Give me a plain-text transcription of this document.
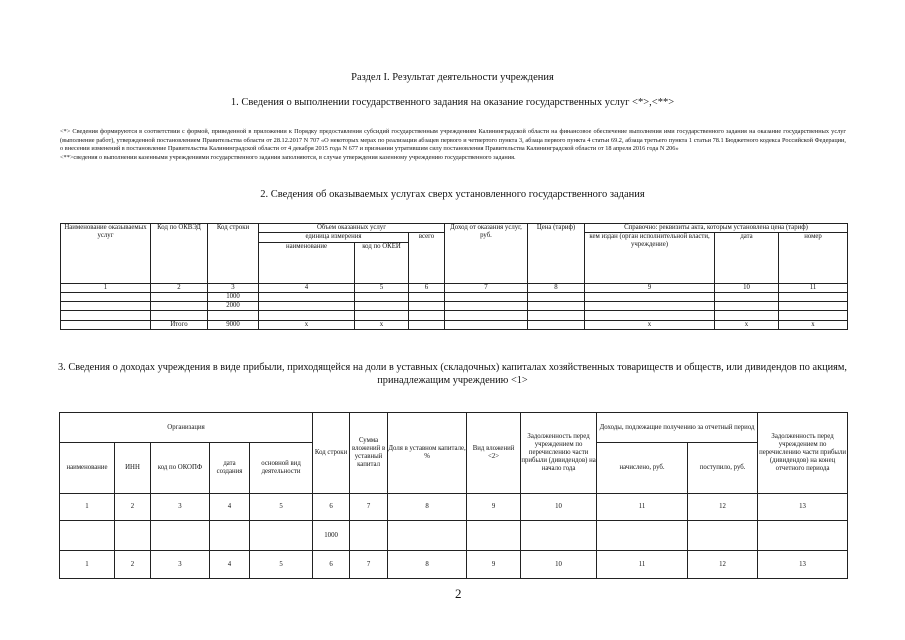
Раздел I. Результат деятельности учреждения
1. Сведения о выполнении государственного задания на оказание государственных услуг <*>,<**>

<*> Сведения формируются в соответствии с формой, приведенной в приложении к Порядку предоставления субсидий государственным учреждениям Калининградской области на финансовое обеспечение выполнения ими государственного задания на оказание государственных услуг (выполнение работ), утвержденной постановлением Правительства области от 28.12.2017 N 707 «О некоторых мерах по реализации абзацев первого и четвертого пункта 3, абзаца первого пункта 4 статьи 69.2, абзаца третьего пункта 1 статьи 78.1 Бюджетного кодекса Российской Федерации, о внесении изменений в постановление Правительства Калининградской области от 4 декабря 2015 года N 677 и признании утратившим силу постановления Правительства Калининградской области от 18 апреля 2016 года N 206»

<**>сведения о выполнении казенными учреждениями государственного задания заполняются, в случае утверждения казенному учреждению государственного задания.

2. Сведения об оказываемых услугах сверх установленного государственного задания
Наименование оказываемых услуг	Код по ОКВЭД	Код строки	Объем оказанных услуг			Доход от оказания услуг, руб.	Цена (тариф)	Справочно: реквизиты акта, которым установлена цена (тариф)		
			единица измерения		всего			кем издан (орган исполнительной власти, учреждение)	дата	номер
			наименование	код по ОКЕИ						
1	2	3	4	5	6	7	8	9	10	11
		1000								
		2000								

	Итого	9000	x	x				x	x	x
3. Сведения о доходах учреждения в виде прибыли, приходящейся на доли в уставных (складочных) капиталах хозяйственных товариществ и обществ, или дивидендов по акциям, принадлежащим учреждению <1>
Организация					Код строки	Сумма вложений в уставный капитал	Доля в уставном капитале, %	Вид вложений <2>	Задолженность перед учреждением по перечислению части прибыли (дивидендов) на начало года	Доходы, подлежащие получению за отчетный период		Задолженность перед учреждением по перечислению части прибыли (дивидендов) на конец отчетного периода
наименование	ИНН	код по ОКОПФ	дата создания	основной вид деятельности						начислено, руб.	поступило, руб.	
1	2	3	4	5	6	7	8	9	10	11	12	13
					1000							
1	2	3	4	5	6	7	8	9	10	11	12	13
2
